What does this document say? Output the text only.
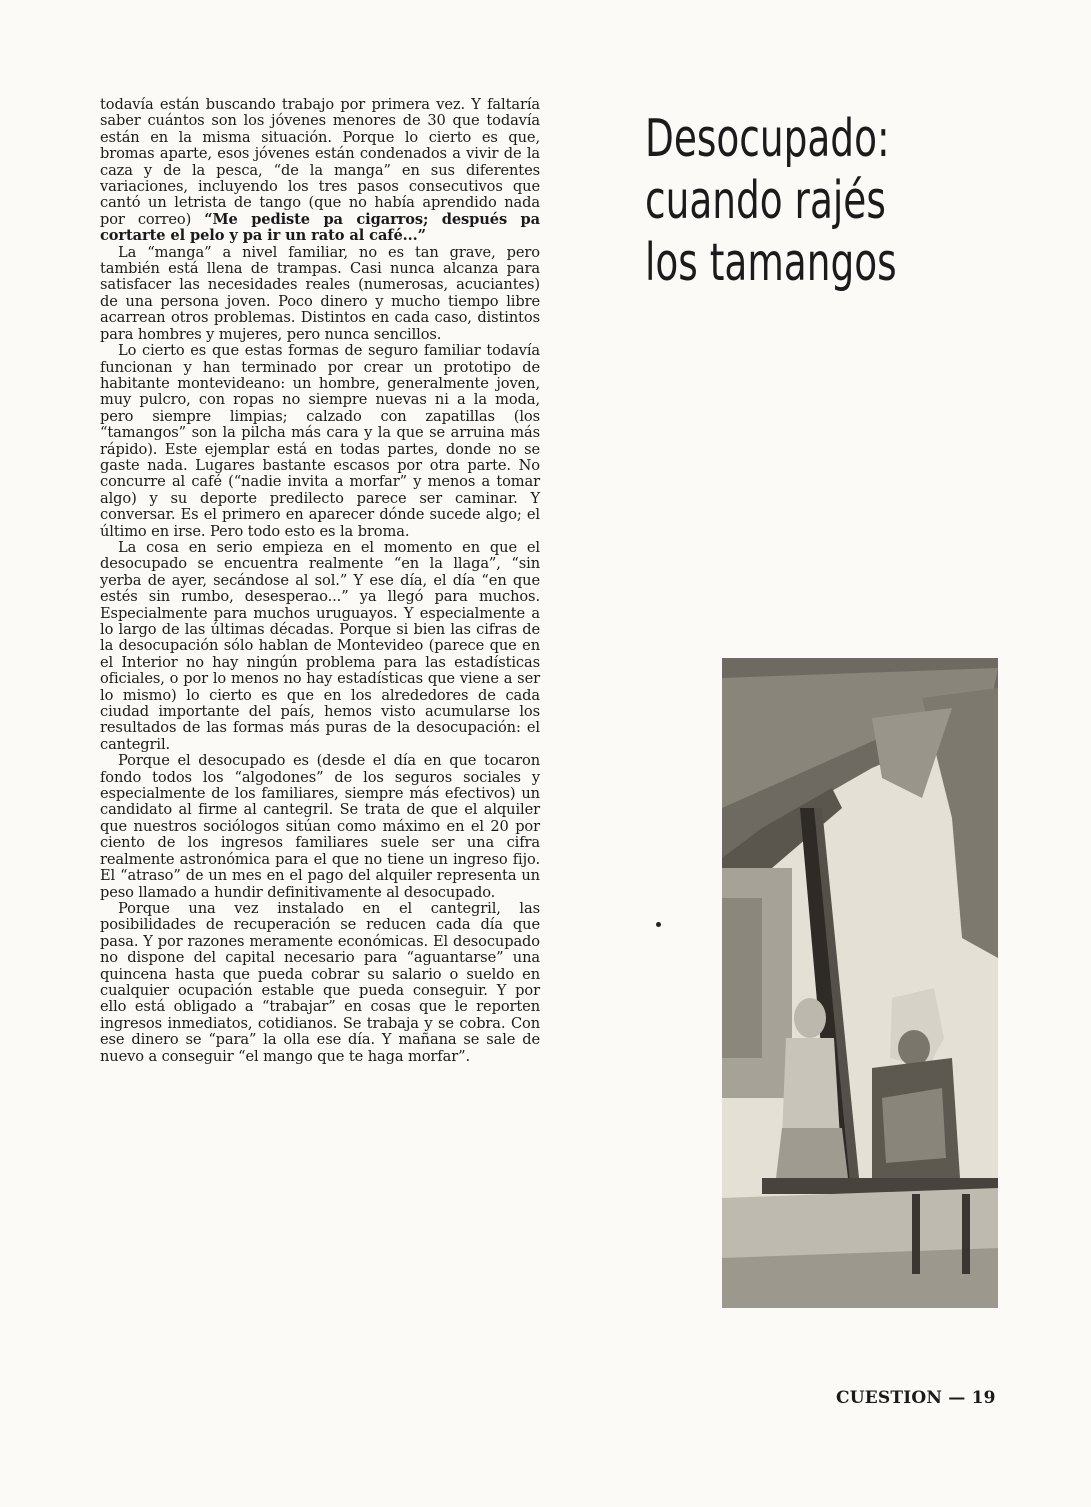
todavía están buscando trabajo por primera vez. Y faltaría saber cuántos son los jóvenes menores de 30 que todavía están en la misma situación. Porque lo cierto es que, bromas aparte, esos jóvenes están condenados a vivir de la caza y de la pesca, “de la manga” en sus diferentes variaciones, incluyendo los tres pasos consecutivos que cantó un letrista de tango (que no había aprendido nada por correo) “Me pediste pa cigarros; después pa cortarte el pelo y pa ir un rato al café...”

La “manga” a nivel familiar, no es tan grave, pero también está llena de trampas. Casi nunca alcanza para satisfacer las necesidades reales (numerosas, acuciantes) de una persona joven. Poco dinero y mucho tiempo libre acarrean otros problemas. Distintos en cada caso, distintos para hombres y mujeres, pero nunca sencillos.

Lo cierto es que estas formas de seguro familiar todavía funcionan y han terminado por crear un prototipo de habitante montevideano: un hombre, generalmente joven, muy pulcro, con ropas no siempre nuevas ni a la moda, pero siempre limpias; calzado con zapatillas (los “tamangos” son la pilcha más cara y la que se arruina más rápido). Este ejemplar está en todas partes, donde no se gaste nada. Lugares bastante escasos por otra parte. No concurre al café (“nadie invita a morfar” y menos a tomar algo) y su deporte predilecto parece ser caminar. Y conversar. Es el primero en aparecer dónde sucede algo; el último en irse. Pero todo esto es la broma.

La cosa en serio empieza en el momento en que el desocupado se encuentra realmente “en la llaga”, “sin yerba de ayer, secándose al sol.” Y ese día, el día “en que estés sin rumbo, desesperao...” ya llegó para muchos. Especialmente para muchos uruguayos. Y especialmente a lo largo de las últimas décadas. Porque si bien las cifras de la desocupación sólo hablan de Montevideo (parece que en el Interior no hay ningún problema para las estadísticas oficiales, o por lo menos no hay estadísticas que viene a ser lo mismo) lo cierto es que en los alrededores de cada ciudad importante del país, hemos visto acumularse los resultados de las formas más puras de la desocupación: el cantegril.

Porque el desocupado es (desde el día en que tocaron fondo todos los “algodones” de los seguros sociales y especialmente de los familiares, siempre más efectivos) un candidato al firme al cantegril. Se trata de que el alquiler que nuestros sociólogos sitúan como máximo en el 20 por ciento de los ingresos familiares suele ser una cifra realmente astronómica para el que no tiene un ingreso fijo. El “atraso” de un mes en el pago del alquiler representa un peso llamado a hundir definitivamente al desocupado.

Porque una vez instalado en el cantegril, las posibilidades de recuperación se reducen cada día que pasa. Y por razones meramente económicas. El desocupado no dispone del capital necesario para “aguantarse” una quincena hasta que pueda cobrar su salario o sueldo en cualquier ocupación estable que pueda conseguir. Y por ello está obligado a “trabajar” en cosas que le reporten ingresos inmediatos, cotidianos. Se trabaja y se cobra. Con ese dinero se “para” la olla ese día. Y mañana se sale de nuevo a conseguir “el mango que te haga morfar”.

Desocupado:
cuando rajés
los tamangos
CUESTION — 19
